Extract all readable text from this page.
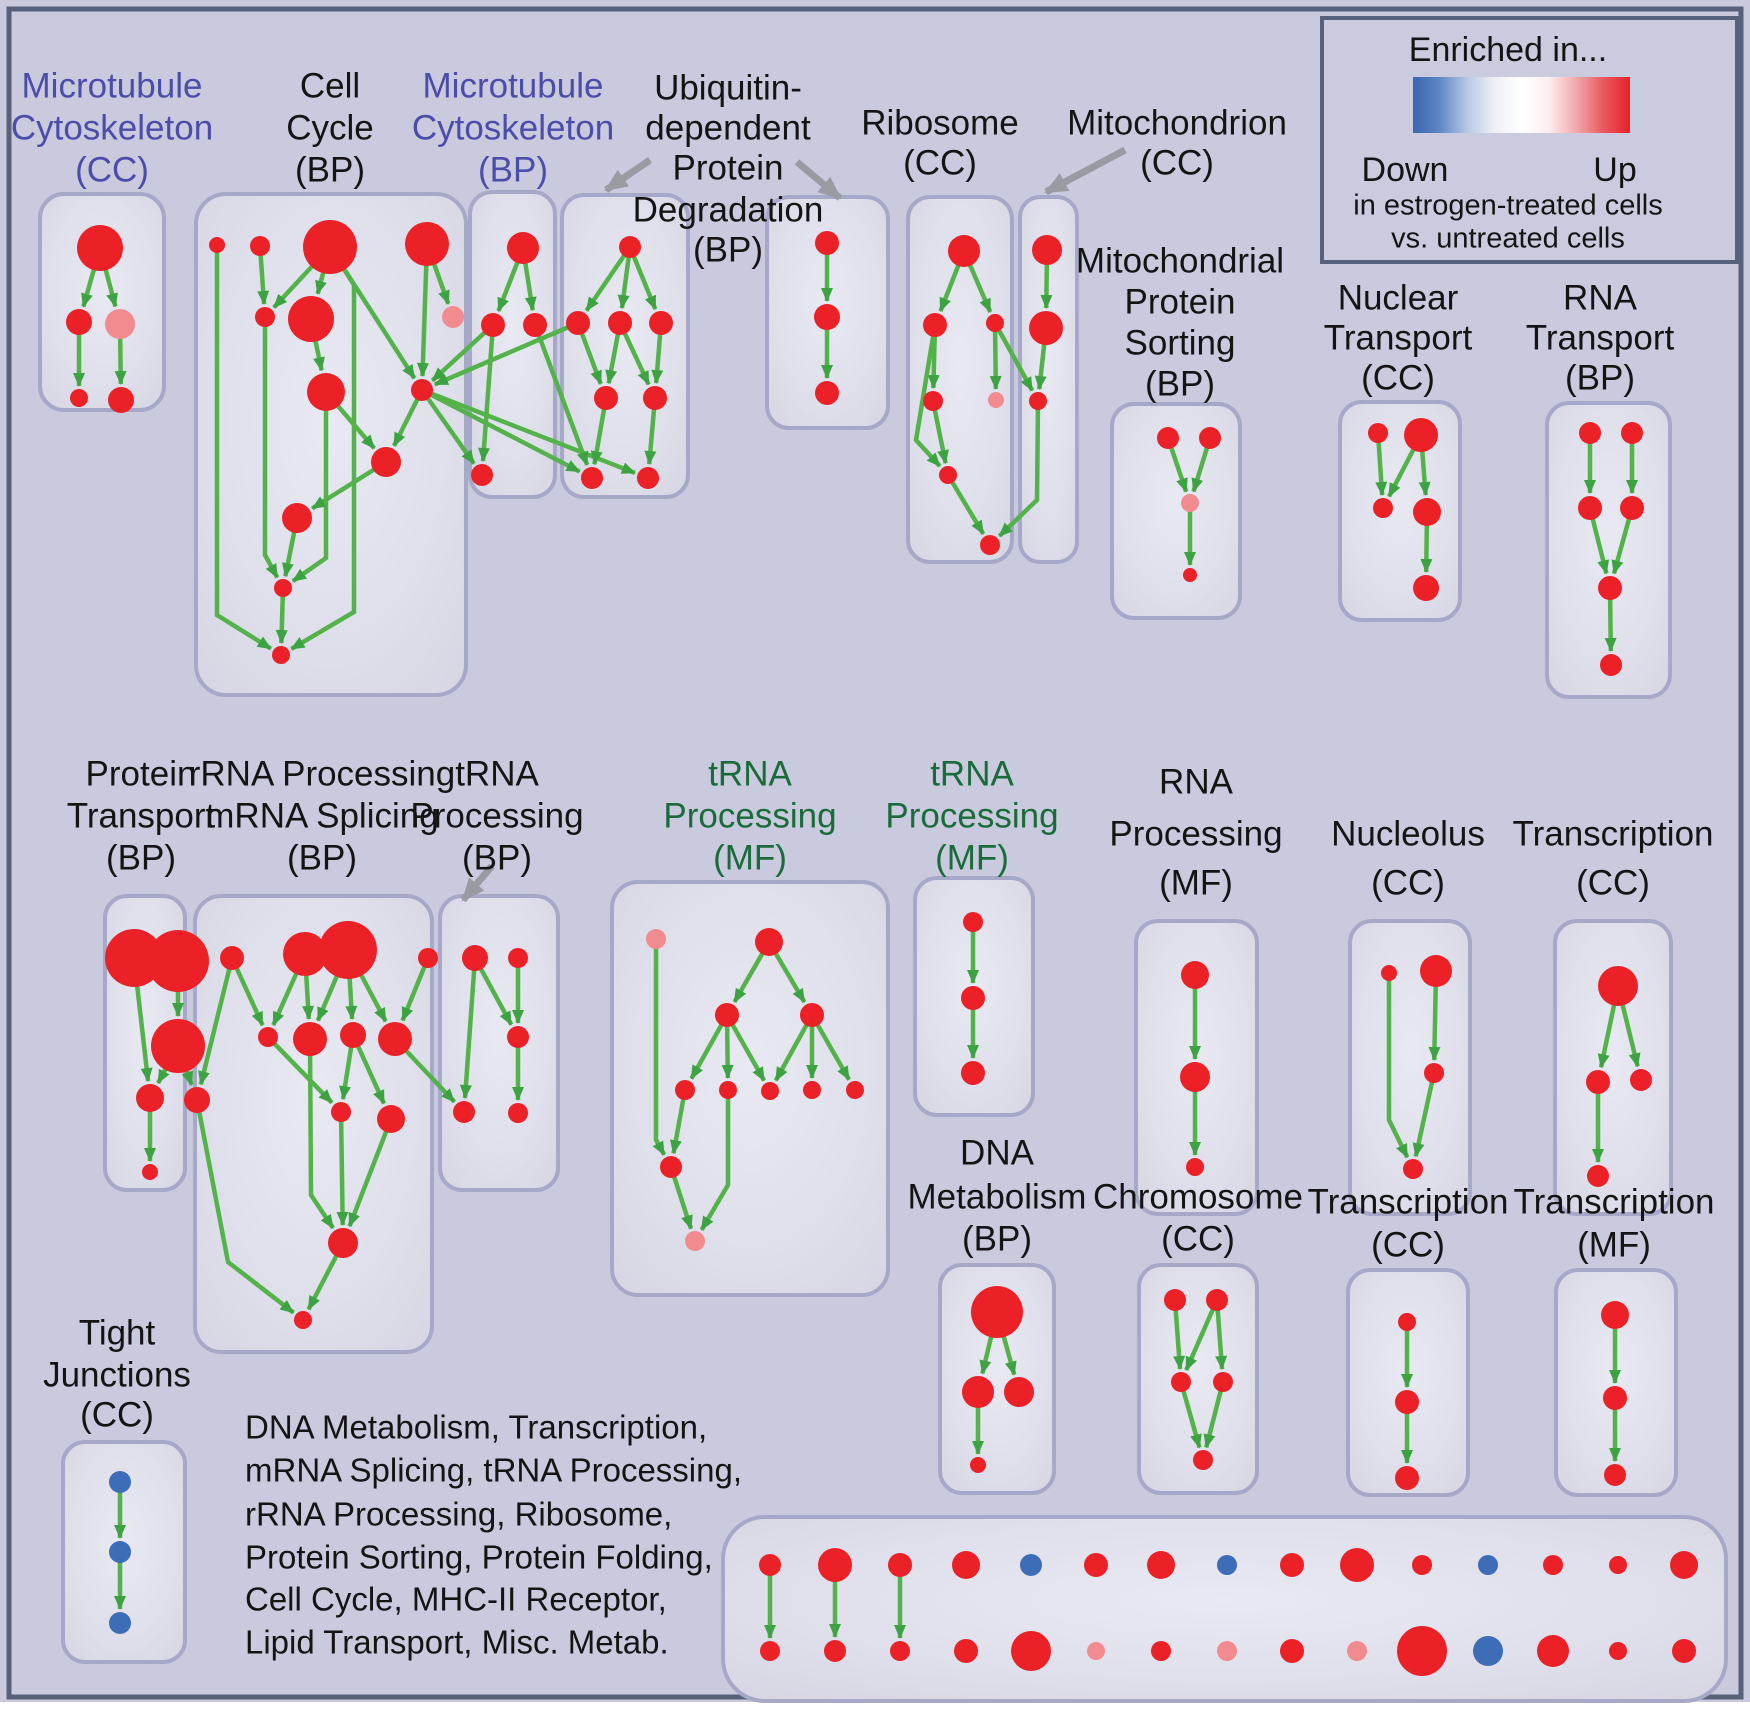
Microtubule
Cytoskeleton
(CC)
Cell
Cycle
(BP)
Microtubule
Cytoskeleton
(BP)
Ubiquitin-
dependent
Protein
Degradation
(BP)
Ribosome
(CC)
Mitochondrion
(CC)
Mitochondrial
Protein
Sorting
(BP)
Nuclear
Transport
(CC)
RNA
Transport
(BP)
Protein
Transport
(BP)
rRNA Processing
mRNA Splicing
(BP)
tRNA
Processing
(BP)
tRNA
Processing
(MF)
tRNA
Processing
(MF)
RNA
Processing
(MF)
Nucleolus
(CC)
Transcription
(CC)
DNA
Metabolism
(BP)
Chromosome
(CC)
Transcription
(CC)
Transcription
(MF)
Tight
Junctions
(CC)
Enriched in...
Down	Up
in estrogen-treated cells
vs. untreated cells
DNA Metabolism, Transcription,
mRNA Splicing, tRNA Processing,
rRNA Processing, Ribosome,
Protein Sorting, Protein Folding,
Cell Cycle, MHC-II Receptor,
Lipid Transport, Misc. Metab.
